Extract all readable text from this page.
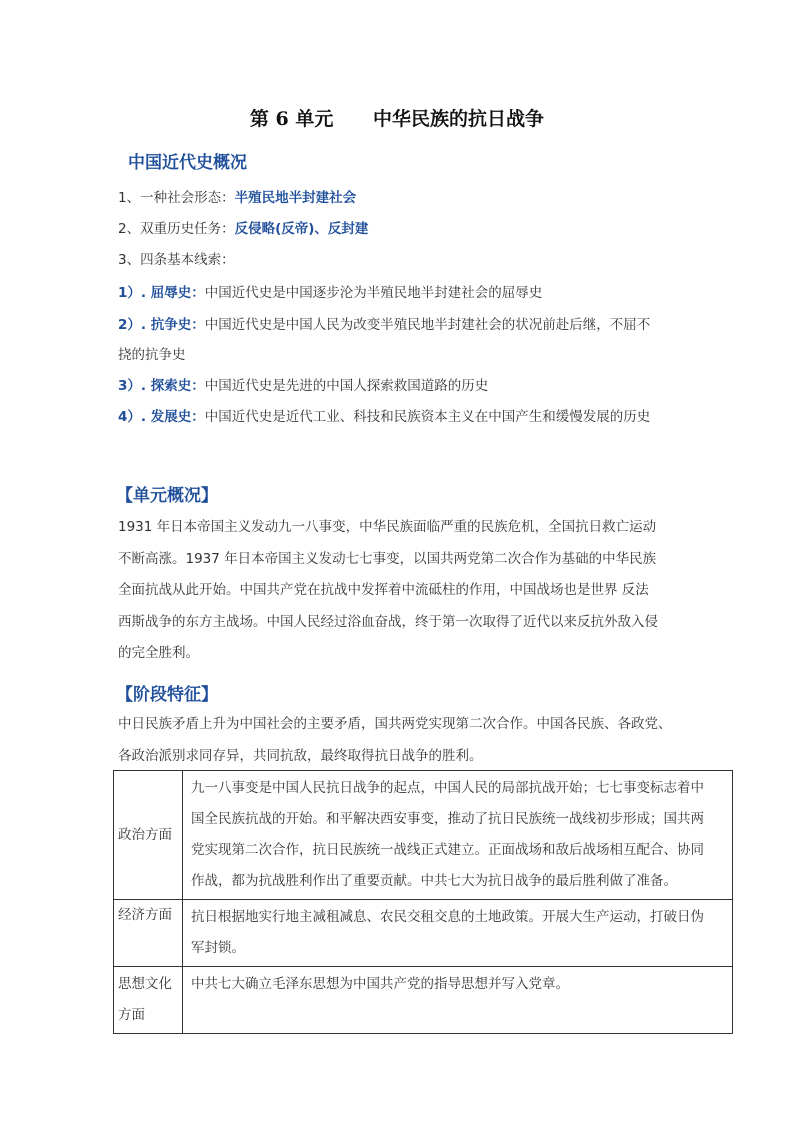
第 6 单元      中华民族的抗日战争
中国近代史概况
1、一种社会形态：半殖民地半封建社会
2、双重历史任务：反侵略(反帝)、反封建
3、四条基本线索：
1）. 屈辱史：中国近代史是中国逐步沦为半殖民地半封建社会的屈辱史
2）. 抗争史：中国近代史是中国人民为改变半殖民地半封建社会的状况前赴后继，不屈不
挠的抗争史
3）. 探索史：中国近代史是先进的中国人探索救国道路的历史
4）. 发展史：中国近代史是近代工业、科技和民族资本主义在中国产生和缓慢发展的历史
【单元概况】
1931 年日本帝国主义发动九一八事变，中华民族面临严重的民族危机，全国抗日救亡运动
不断高涨。1937 年日本帝国主义发动七七事变，以国共两党第二次合作为基础的中华民族
全面抗战从此开始。中国共产党在抗战中发挥着中流砥柱的作用，中国战场也是世界 反法
西斯战争的东方主战场。中国人民经过浴血奋战，终于第一次取得了近代以来反抗外敌入侵
的完全胜利。
【阶段特征】
中日民族矛盾上升为中国社会的主要矛盾，国共两党实现第二次合作。中国各民族、各政党、
各政治派别求同存异，共同抗敌，最终取得抗日战争的胜利。
政治方面	九一八事变是中国人民抗日战争的起点，中国人民的局部抗战开始；七七事变标志着中
国全民族抗战的开始。和平解决西安事变，推动了抗日民族统一战线初步形成；国共两
党实现第二次合作，抗日民族统一战线正式建立。正面战场和敌后战场相互配合、协同
作战，都为抗战胜利作出了重要贡献。中共七大为抗日战争的最后胜利做了准备。

经济方面	抗日根据地实行地主减租减息、农民交租交息的土地政策。开展大生产运动，打破日伪
军封锁。

思想文化方面	中共七大确立毛泽东思想为中国共产党的指导思想并写入党章。
